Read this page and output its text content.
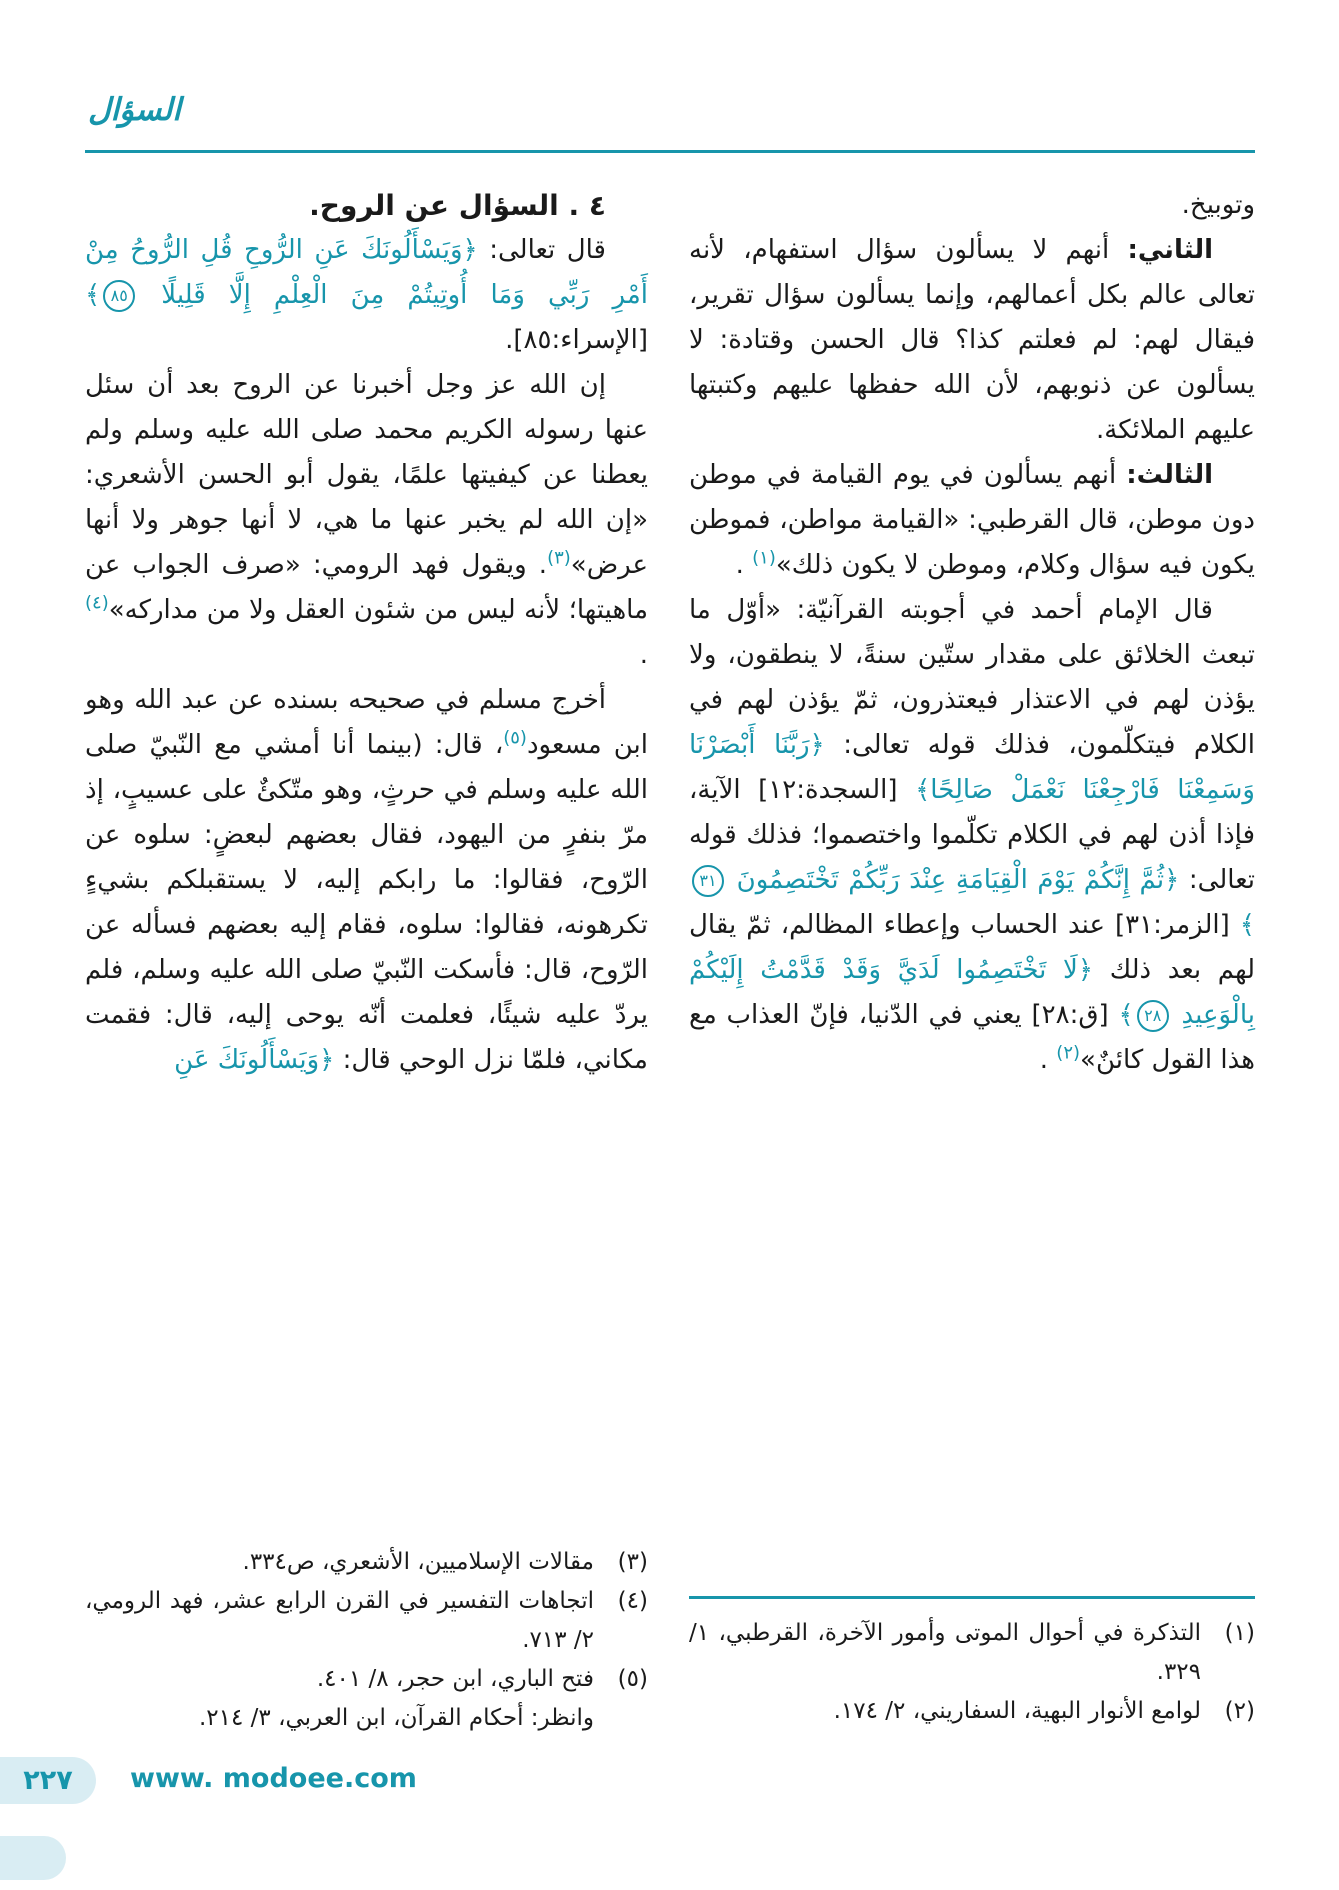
السؤال

وتوبيخ.

الثاني: أنهم لا يسألون سؤال استفهام، لأنه تعالى عالم بكل أعمالهم، وإنما يسألون سؤال تقرير، فيقال لهم: لم فعلتم كذا؟ قال الحسن وقتادة: لا يسألون عن ذنوبهم، لأن الله حفظها عليهم وكتبتها عليهم الملائكة.

الثالث: أنهم يسألون في يوم القيامة في موطن دون موطن، قال القرطبي: «القيامة مواطن، فموطن يكون فيه سؤال وكلام، وموطن لا يكون ذلك»$^{(١)}$ .

قال الإمام أحمد في أجوبته القرآنيّة: «أوّل ما تبعث الخلائق على مقدار ستّين سنةً، لا ينطقون، ولا يؤذن لهم في الاعتذار فيعتذرون، ثمّ يؤذن لهم في الكلام فيتكلّمون، فذلك قوله تعالى: ﴿رَبَّنَا أَبْصَرْنَا وَسَمِعْنَا فَارْجِعْنَا نَعْمَلْ صَالِحًا﴾ [السجدة:١٢] الآية، فإذا أذن لهم في الكلام تكلّموا واختصموا؛ فذلك قوله تعالى: ﴿ثُمَّ إِنَّكُمْ يَوْمَ الْقِيَامَةِ عِنْدَ رَبِّكُمْ تَخْتَصِمُونَ ٣١﴾ [الزمر:٣١] عند الحساب وإعطاء المظالم، ثمّ يقال لهم بعد ذلك ﴿لَا تَخْتَصِمُوا لَدَيَّ وَقَدْ قَدَّمْتُ إِلَيْكُمْ بِالْوَعِيدِ ٢٨﴾ [ق:٢٨] يعني في الدّنيا، فإنّ العذاب مع هذا القول كائنٌ»$^{(٢)}$ .

٤ . السؤال عن الروح.

قال تعالى: ﴿وَيَسْأَلُونَكَ عَنِ الرُّوحِ قُلِ الرُّوحُ مِنْ أَمْرِ رَبِّي وَمَا أُوتِيتُمْ مِنَ الْعِلْمِ إِلَّا قَلِيلًا ٨٥﴾ [الإسراء:٨٥].

إن الله عز وجل أخبرنا عن الروح بعد أن سئل عنها رسوله الكريم محمد صلى الله عليه وسلم ولم يعطنا عن كيفيتها علمًا، يقول أبو الحسن الأشعري: «إن الله لم يخبر عنها ما هي، لا أنها جوهر ولا أنها عرض»$^{(٣)}$. ويقول فهد الرومي: «صرف الجواب عن ماهيتها؛ لأنه ليس من شئون العقل ولا من مداركه»$^{(٤)}$ .

أخرج مسلم في صحيحه بسنده عن عبد الله وهو ابن مسعود$^{(٥)}$، قال: (بينما أنا أمشي مع النّبيّ صلى الله عليه وسلم في حرثٍ، وهو متّكئٌ على عسيبٍ، إذ مرّ بنفرٍ من اليهود، فقال بعضهم لبعضٍ: سلوه عن الرّوح، فقالوا: ما رابكم إليه، لا يستقبلكم بشيءٍ تكرهونه، فقالوا: سلوه، فقام إليه بعضهم فسأله عن الرّوح، قال: فأسكت النّبيّ صلى الله عليه وسلم، فلم يردّ عليه شيئًا، فعلمت أنّه يوحى إليه، قال: فقمت مكاني، فلمّا نزل الوحي قال: ﴿وَيَسْأَلُونَكَ عَنِ

(٣)
مقالات الإسلاميين، الأشعري، ص٣٣٤.
(٤)
اتجاهات التفسير في القرن الرابع عشر، فهد الرومي، ٢/ ٧١٣.
(٥)
فتح الباري، ابن حجر، ٨/ ٤٠١.
وانظر: أحكام القرآن، ابن العربي، ٣/ ٢١٤.
(١)
التذكرة في أحوال الموتى وأمور الآخرة، القرطبي، ١/ ٣٢٩.
(٢)
لوامع الأنوار البهية، السفاريني، ٢/ ١٧٤.
٢٢٧ www. modoee.com
